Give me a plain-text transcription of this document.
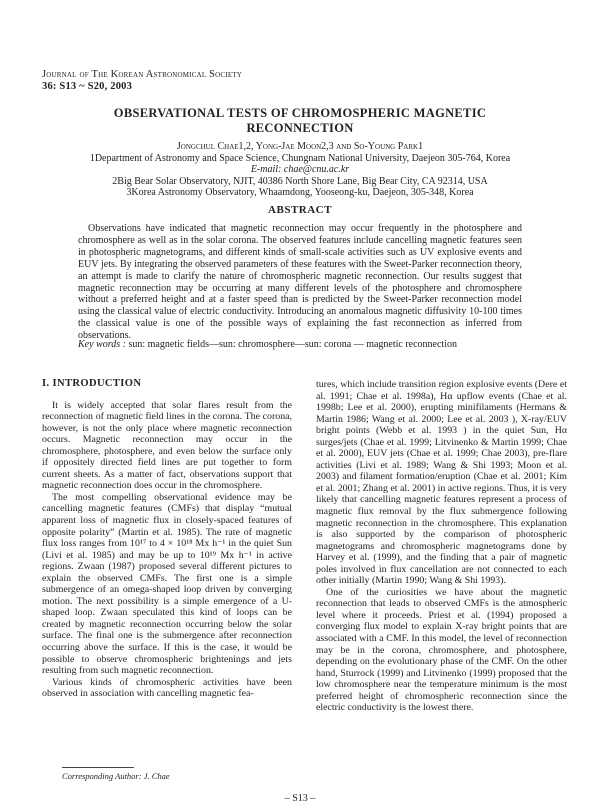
Journal of The Korean Astronomical Society
36: S13 ~ S20, 2003
OBSERVATIONAL TESTS OF CHROMOSPHERIC MAGNETIC
RECONNECTION
Jongchul Chae1,2, Yong-Jae Moon2,3 and So-Young Park1
1Department of Astronomy and Space Science, Chungnam National University, Daejeon 305-764, Korea
E-mail: chae@cnu.ac.kr
2Big Bear Solar Observatory, NJIT, 40386 North Shore Lane, Big Bear City, CA 92314, USA
3Korea Astronomy Observatory, Whaamdong, Yooseong-ku, Daejeon, 305-348, Korea
ABSTRACT
Observations have indicated that magnetic reconnection may occur frequently in the photosphere and chromosphere as well as in the solar corona. The observed features include cancelling magnetic features seen in photospheric magnetograms, and different kinds of small-scale activities such as UV explosive events and EUV jets. By integrating the observed parameters of these features with the Sweet-Parker reconnection theory, an attempt is made to clarify the nature of chromospheric magnetic reconnection. Our results suggest that magnetic reconnection may be occurring at many different levels of the photosphere and chromosphere without a preferred height and at a faster speed than is predicted by the Sweet-Parker reconnection model using the classical value of electric conductivity. Introducing an anomalous magnetic diffusivity 10-100 times the classical value is one of the possible ways of explaining the fast reconnection as inferred from observations.
Key words : sun: magnetic fields—sun: chromosphere—sun: corona — magnetic reconnection

I. INTRODUCTION

It is widely accepted that solar flares result from the reconnection of magnetic field lines in the corona. The corona, however, is not the only place where magnetic reconnection occurs. Magnetic reconnection may occur in the chromosphere, photosphere, and even below the surface only if oppositely directed field lines are put together to form current sheets. As a matter of fact, observations support that magnetic reconnection does occur in the chromosphere.

The most compelling observational evidence may be cancelling magnetic features (CMFs) that display “mutual apparent loss of magnetic flux in closely-spaced features of opposite polarity” (Martin et al. 1985). The rate of magnetic flux loss ranges from 10¹⁷ to 4 × 10¹⁸ Mx h⁻¹ in the quiet Sun (Livi et al. 1985) and may be up to 10¹⁹ Mx h⁻¹ in active regions. Zwaan (1987) proposed several different pictures to explain the observed CMFs. The first one is a simple submergence of an omega-shaped loop driven by converging motion. The next possibility is a simple emergence of a U-shaped loop. Zwaan speculated this kind of loops can be created by magnetic reconnection occurring below the solar surface. The final one is the submergence after reconnection occurring above the surface. If this is the case, it would be possible to observe chromospheric brightenings and jets resulting from such magnetic reconnection.

Various kinds of chromospheric activities have been observed in association with cancelling magnetic fea-

tures, which include transition region explosive events (Dere et al. 1991; Chae et al. 1998a), Hα upflow events (Chae et al. 1998b; Lee et al. 2000), erupting minifilaments (Hermans & Martin 1986; Wang et al. 2000; Lee et al. 2003 ), X-ray/EUV bright points (Webb et al. 1993 ) in the quiet Sun, Hα surges/jets (Chae et al. 1999; Litvinenko & Martin 1999; Chae et al. 2000), EUV jets (Chae et al. 1999; Chae 2003), pre-flare activities (Livi et al. 1989; Wang & Shi 1993; Moon et al. 2003) and filament formation/eruption (Chae et al. 2001; Kim et al. 2001; Zhang et al. 2001) in active regions. Thus, it is very likely that cancelling magnetic features represent a process of magnetic flux removal by the flux submergence following magnetic reconnection in the chromosphere. This explanation is also supported by the comparison of photospheric magnetograms and chromospheric magnetograms done by Harvey et al. (1999), and the finding that a pair of magnetic poles involved in flux cancellation are not connected to each other initially (Martin 1990; Wang & Shi 1993).

One of the curiosities we have about the magnetic reconnection that leads to observed CMFs is the atmospheric level where it proceeds. Priest et al. (1994) proposed a converging flux model to explain X-ray bright points that are associated with a CMF. In this model, the level of reconnection may be in the corona, chromosphere, and photosphere, depending on the evolutionary phase of the CMF. On the other hand, Sturrock (1999) and Litvinenko (1999) proposed that the low chromosphere near the temperature minimum is the most preferred height of chromospheric reconnection since the electric conductivity is the lowest there.

Corresponding Author: J. Chae
– S13 –
